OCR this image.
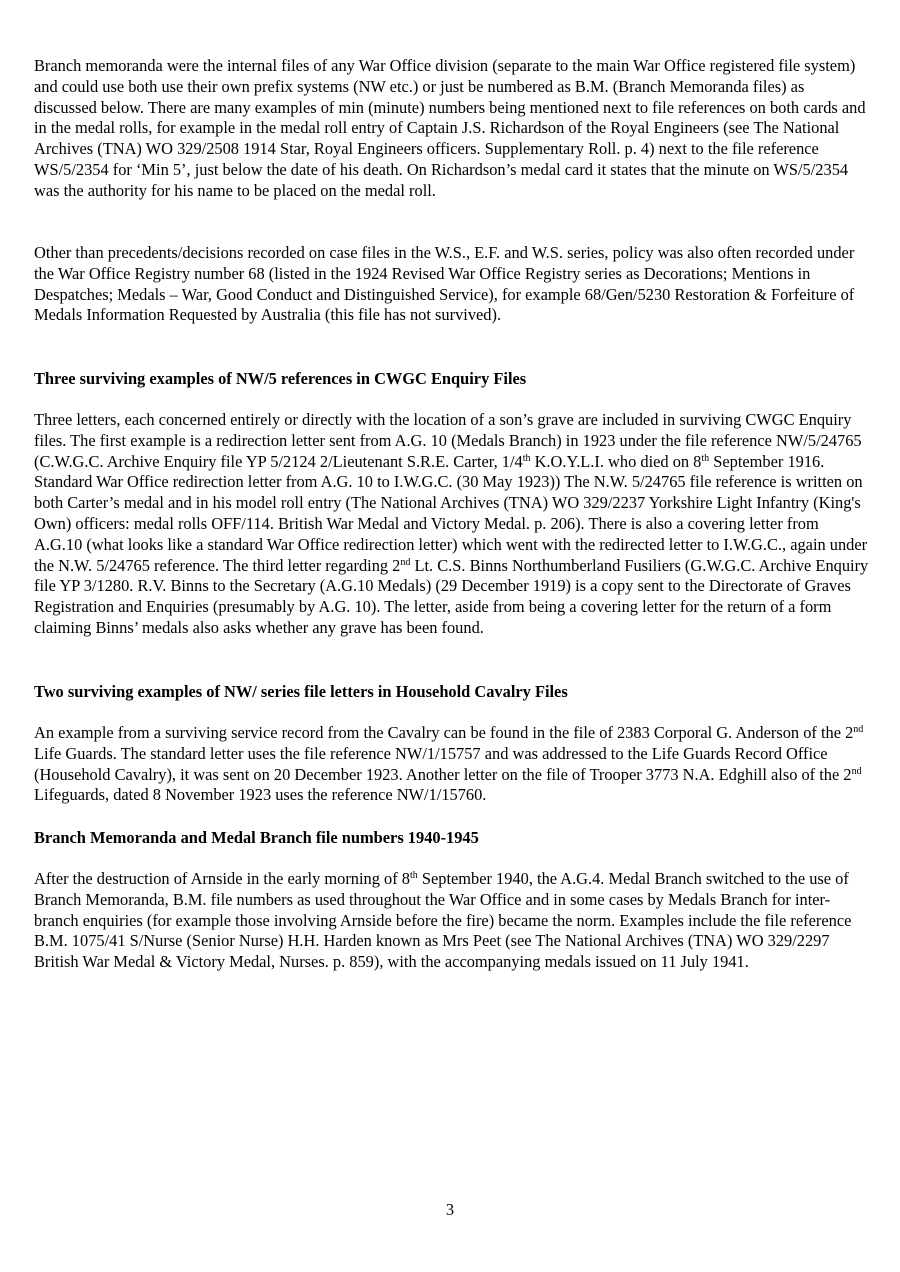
Branch memoranda were the internal files of any War Office division (separate to the main War Office registered file system) and could use both use their own prefix systems (NW etc.) or just be numbered as B.M. (Branch Memoranda files) as discussed below. There are many examples of min (minute) numbers being mentioned next to file references on both cards and in the medal rolls, for example in the medal roll entry of Captain J.S. Richardson of the Royal Engineers (see The National Archives (TNA) WO 329/2508 1914 Star, Royal Engineers officers. Supplementary Roll. p. 4) next to the file reference WS/5/2354 for ‘Min 5’, just below the date of his death. On Richardson’s medal card it states that the minute on WS/5/2354 was the authority for his name to be placed on the medal roll.

Other than precedents/decisions recorded on case files in the W.S., E.F. and W.S. series, policy was also often recorded under the War Office Registry number 68 (listed in the 1924 Revised War Office Registry series as Decorations; Mentions in Despatches; Medals – War, Good Conduct and Distinguished Service), for example 68/Gen/5230 Restoration & Forfeiture of Medals Information Requested by Australia (this file has not survived).

Three surviving examples of NW/5 references in CWGC Enquiry Files

Three letters, each concerned entirely or directly with the location of a son’s grave are included in surviving CWGC Enquiry files. The first example is a redirection letter sent from A.G. 10 (Medals Branch) in 1923 under the file reference NW/5/24765 (C.W.G.C. Archive Enquiry file YP 5/2124 2/Lieutenant S.R.E. Carter, 1/4th K.O.Y.L.I. who died on 8th September 1916. Standard War Office redirection letter from A.G. 10 to I.W.G.C. (30 May 1923)) The N.W. 5/24765 file reference is written on both Carter’s medal and in his model roll entry (The National Archives (TNA) WO 329/2237 Yorkshire Light Infantry (King's Own) officers: medal rolls OFF/114. British War Medal and Victory Medal. p. 206). There is also a covering letter from A.G.10 (what looks like a standard War Office redirection letter) which went with the redirected letter to I.W.G.C., again under the N.W. 5/24765 reference. The third letter regarding 2nd Lt. C.S. Binns Northumberland Fusiliers (G.W.G.C. Archive Enquiry file YP 3/1280. R.V. Binns to the Secretary (A.G.10 Medals) (29 December 1919) is a copy sent to the Directorate of Graves Registration and Enquiries (presumably by A.G. 10). The letter, aside from being a covering letter for the return of a form claiming Binns’ medals also asks whether any grave has been found.

Two surviving examples of NW/ series file letters in Household Cavalry Files

An example from a surviving service record from the Cavalry can be found in the file of 2383 Corporal G. Anderson of the 2nd Life Guards. The standard letter uses the file reference NW/1/15757 and was addressed to the Life Guards Record Office (Household Cavalry), it was sent on 20 December 1923. Another letter on the file of Trooper 3773 N.A. Edghill also of the 2nd Lifeguards, dated 8 November 1923 uses the reference NW/1/15760.

Branch Memoranda and Medal Branch file numbers 1940-1945

After the destruction of Arnside in the early morning of 8th September 1940, the A.G.4. Medal Branch switched to the use of Branch Memoranda, B.M. file numbers as used throughout the War Office and in some cases by Medals Branch for inter-branch enquiries (for example those involving Arnside before the fire) became the norm. Examples include the file reference B.M. 1075/41 S/Nurse (Senior Nurse) H.H. Harden known as Mrs Peet (see The National Archives (TNA) WO 329/2297 British War Medal & Victory Medal, Nurses. p. 859), with the accompanying medals issued on 11 July 1941.

3
